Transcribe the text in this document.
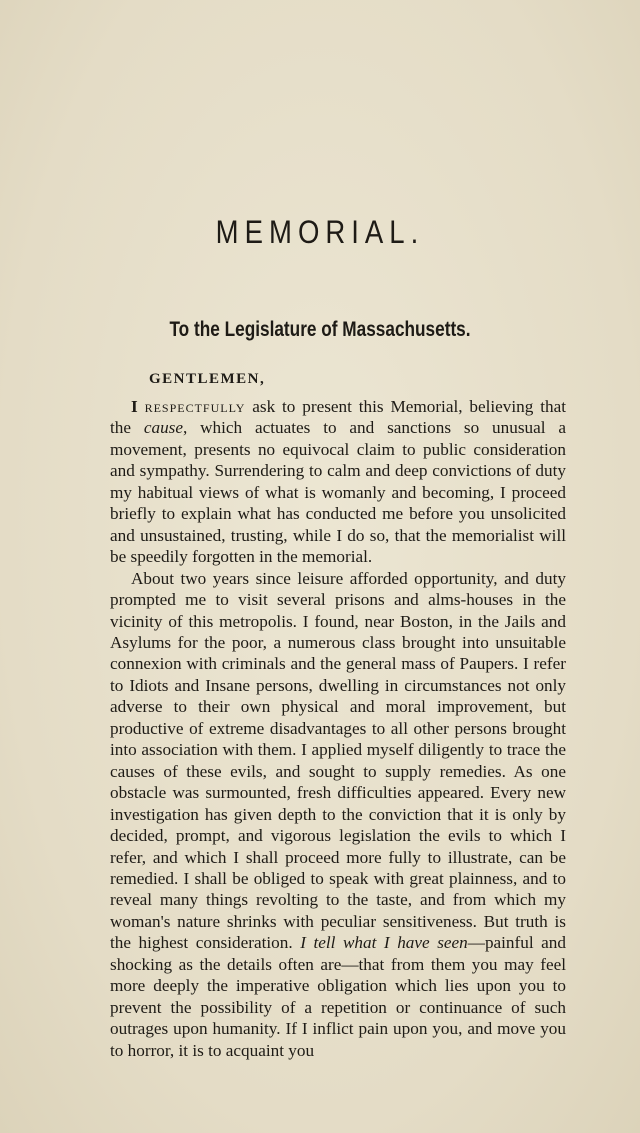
MEMORIAL.
To the Legislature of Massachusetts.
GENTLEMEN,

I respectfully ask to present this Memorial, believing that the cause, which actuates to and sanctions so unusual a movement, presents no equivocal claim to public consideration and sympathy. Surrendering to calm and deep convictions of duty my habitual views of what is womanly and becoming, I proceed briefly to explain what has conducted me before you unsolicited and unsustained, trusting, while I do so, that the memorialist will be speedily forgotten in the memorial.

About two years since leisure afforded opportunity, and duty prompted me to visit several prisons and alms-houses in the vicinity of this metropolis. I found, near Boston, in the Jails and Asylums for the poor, a numerous class brought into unsuitable connexion with criminals and the general mass of Paupers. I refer to Idiots and Insane persons, dwelling in circumstances not only adverse to their own physical and moral improvement, but productive of extreme disadvantages to all other persons brought into association with them. I applied myself diligently to trace the causes of these evils, and sought to supply remedies. As one obstacle was surmounted, fresh difficulties appeared. Every new investigation has given depth to the conviction that it is only by decided, prompt, and vigorous legislation the evils to which I refer, and which I shall proceed more fully to illustrate, can be remedied. I shall be obliged to speak with great plainness, and to reveal many things revolting to the taste, and from which my woman's nature shrinks with peculiar sensitiveness. But truth is the highest consideration. I tell what I have seen—painful and shocking as the details often are—that from them you may feel more deeply the imperative obligation which lies upon you to prevent the possibility of a repetition or continuance of such outrages upon humanity. If I inflict pain upon you, and move you to horror, it is to acquaint you
